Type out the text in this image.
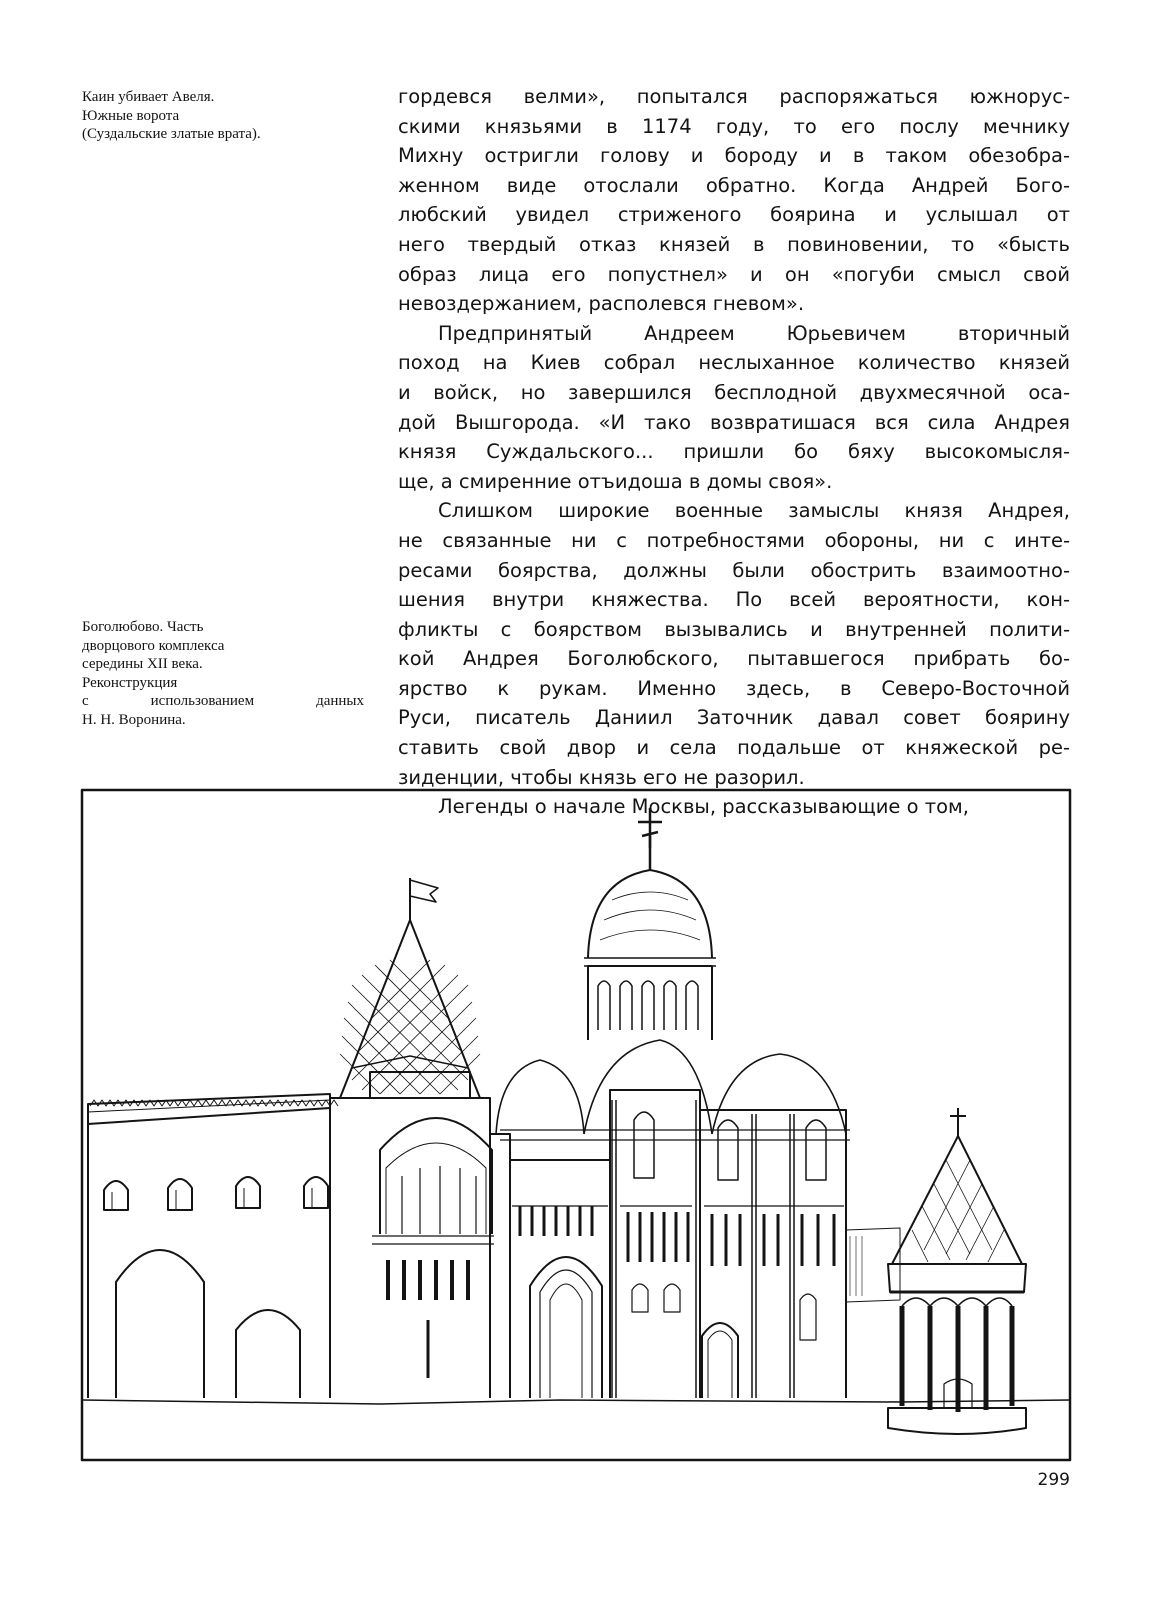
Каин убивает Авеля.
Южные ворота
(Суздальские златые врата).
Боголюбово. Часть
дворцового комплекса
середины XII века.
Реконструкция
с использованием данных
Н. Н. Воронина.

гордевся велми», попытался распоряжаться южнорус-
скими князьями в 1174 году, то его послу мечнику
Михну остригли голову и бороду и в таком обезобра-
женном виде отослали обратно. Когда Андрей Бого-
любский увидел стриженого боярина и услышал от
него твердый отказ князей в повиновении, то «бысть
образ лица его попустнел» и он «погуби смысл свой
невоздержанием, располевся гневом».

Предпринятый Андреем Юрьевичем вторичный
поход на Киев собрал неслыханное количество князей
и войск, но завершился бесплодной двухмесячной оса-
дой Вышгорода. «И тако возвратишася вся сила Андрея
князя Суждальского... пришли бо бяху высокомысля-
ще, а смиренние отъидоша в домы своя».

Слишком широкие военные замыслы князя Андрея,
не связанные ни с потребностями обороны, ни с инте-
ресами боярства, должны были обострить взаимоотно-
шения внутри княжества. По всей вероятности, кон-
фликты с боярством вызывались и внутренней полити-
кой Андрея Боголюбского, пытавшегося прибрать бо-
ярство к рукам. Именно здесь, в Северо-Восточной
Руси, писатель Даниил Заточник давал совет боярину
ставить свой двор и села подальше от княжеской ре-
зиденции, чтобы князь его не разорил.

Легенды о начале Москвы, рассказывающие о том,

299
